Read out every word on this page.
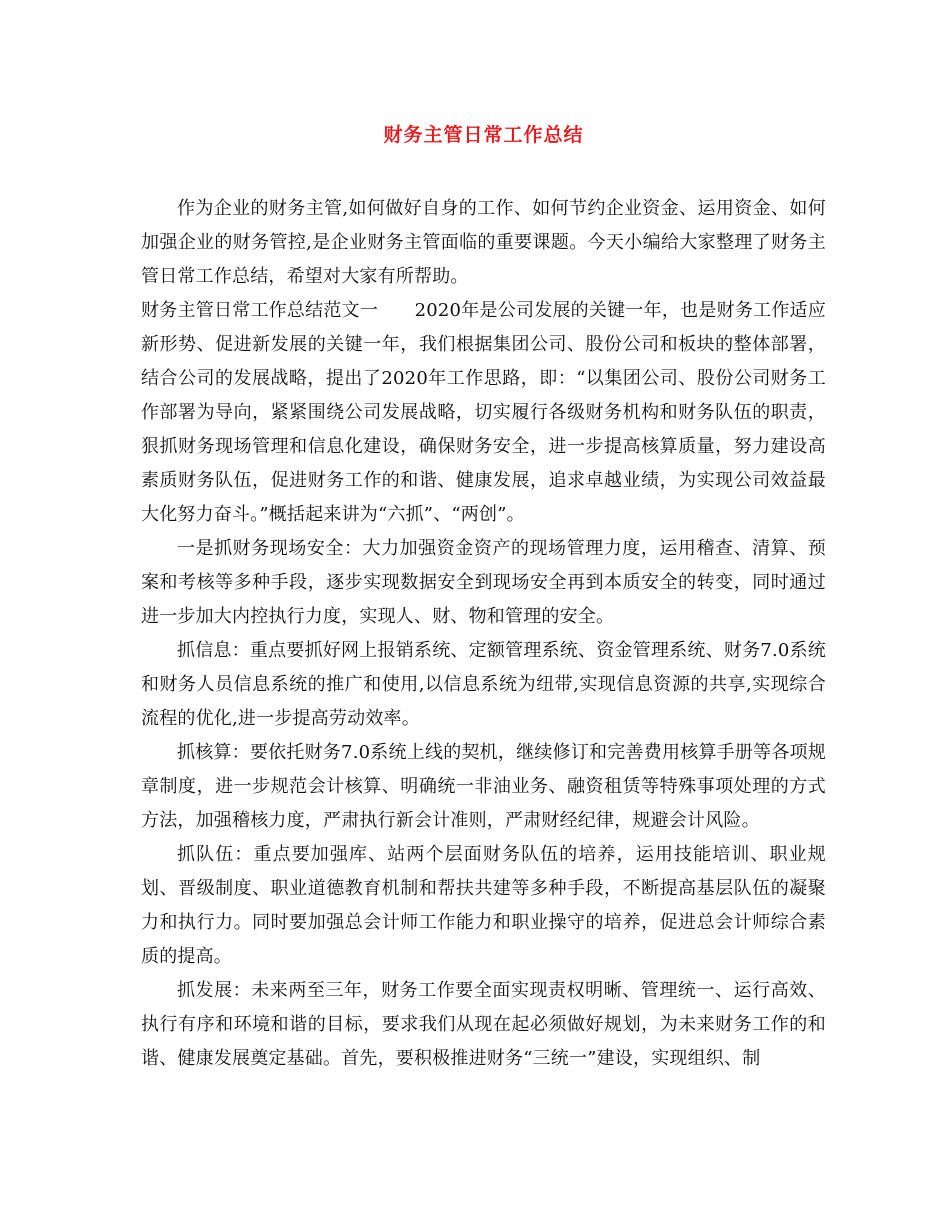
财务主管日常工作总结

作为企业的财务主管,如何做好自身的工作、如何节约企业资金、运用资金、如何加强企业的财务管控,是企业财务主管面临的重要课题。今天小编给大家整理了财务主管日常工作总结，希望对大家有所帮助。

财务主管日常工作总结范文一　　2020年是公司发展的关键一年，也是财务工作适应新形势、促进新发展的关键一年，我们根据集团公司、股份公司和板块的整体部署，结合公司的发展战略，提出了2020年工作思路，即：“以集团公司、股份公司财务工作部署为导向，紧紧围绕公司发展战略，切实履行各级财务机构和财务队伍的职责，狠抓财务现场管理和信息化建设，确保财务安全，进一步提高核算质量，努力建设高素质财务队伍，促进财务工作的和谐、健康发展，追求卓越业绩，为实现公司效益最大化努力奋斗。”概括起来讲为“六抓”、“两创”。

一是抓财务现场安全：大力加强资金资产的现场管理力度，运用稽查、清算、预案和考核等多种手段，逐步实现数据安全到现场安全再到本质安全的转变，同时通过进一步加大内控执行力度，实现人、财、物和管理的安全。

抓信息：重点要抓好网上报销系统、定额管理系统、资金管理系统、财务7.0系统和财务人员信息系统的推广和使用,以信息系统为纽带,实现信息资源的共享,实现综合流程的优化,进一步提高劳动效率。

抓核算：要依托财务7.0系统上线的契机，继续修订和完善费用核算手册等各项规章制度，进一步规范会计核算、明确统一非油业务、融资租赁等特殊事项处理的方式方法，加强稽核力度，严肃执行新会计准则，严肃财经纪律，规避会计风险。

抓队伍：重点要加强库、站两个层面财务队伍的培养，运用技能培训、职业规划、晋级制度、职业道德教育机制和帮扶共建等多种手段，不断提高基层队伍的凝聚力和执行力。同时要加强总会计师工作能力和职业操守的培养，促进总会计师综合素质的提高。

抓发展：未来两至三年，财务工作要全面实现责权明晰、管理统一、运行高效、执行有序和环境和谐的目标，要求我们从现在起必须做好规划，为未来财务工作的和谐、健康发展奠定基础。首先，要积极推进财务“三统一”建设，实现组织、制
